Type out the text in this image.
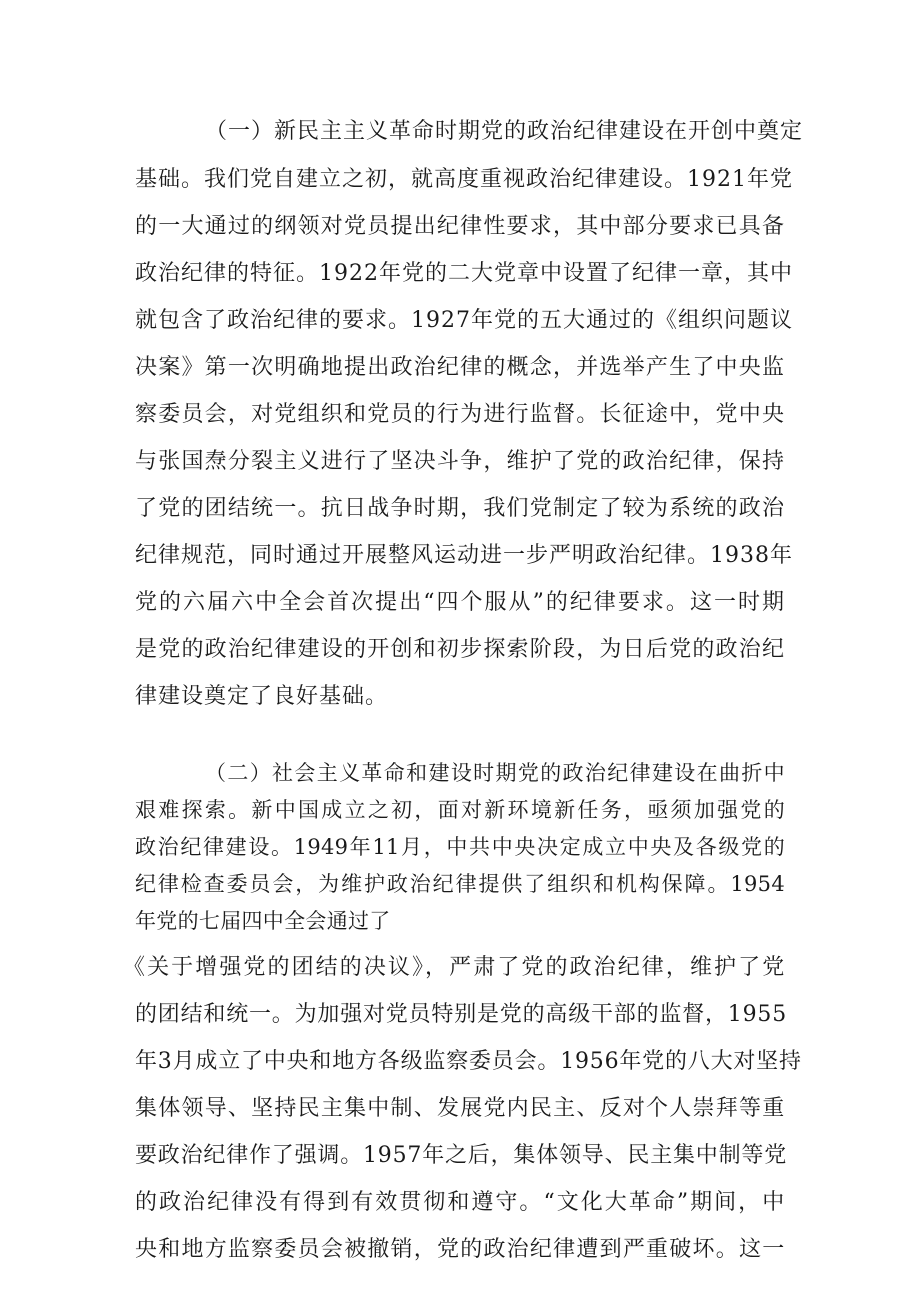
（一）新民主主义革命时期党的政治纪律建设在开创中奠定

基础。我们党自建立之初，就高度重视政治纪律建设。1921年党

的一大通过的纲领对党员提出纪律性要求，其中部分要求已具备

政治纪律的特征。1922年党的二大党章中设置了纪律一章，其中

就包含了政治纪律的要求。1927年党的五大通过的《组织问题议

决案》第一次明确地提出政治纪律的概念，并选举产生了中央监

察委员会，对党组织和党员的行为进行监督。长征途中，党中央

与张国焘分裂主义进行了坚决斗争，维护了党的政治纪律，保持

了党的团结统一。抗日战争时期，我们党制定了较为系统的政治

纪律规范，同时通过开展整风运动进一步严明政治纪律。1938年

党的六届六中全会首次提出“四个服从”的纪律要求。这一时期

是党的政治纪律建设的开创和初步探索阶段，为日后党的政治纪

律建设奠定了良好基础。

（二）社会主义革命和建设时期党的政治纪律建设在曲折中

艰难探索。新中国成立之初，面对新环境新任务，亟须加强党的

政治纪律建设。1949年11月，中共中央决定成立中央及各级党的

纪律检查委员会，为维护政治纪律提供了组织和机构保障。1954

年党的七届四中全会通过了

《关于增强党的团结的决议》，严肃了党的政治纪律，维护了党

的团结和统一。为加强对党员特别是党的高级干部的监督，1955

年3月成立了中央和地方各级监察委员会。1956年党的八大对坚持

集体领导、坚持民主集中制、发展党内民主、反对个人崇拜等重

要政治纪律作了强调。1957年之后，集体领导、民主集中制等党

的政治纪律没有得到有效贯彻和遵守。“文化大革命”期间，中

央和地方监察委员会被撤销，党的政治纪律遭到严重破坏。这一
